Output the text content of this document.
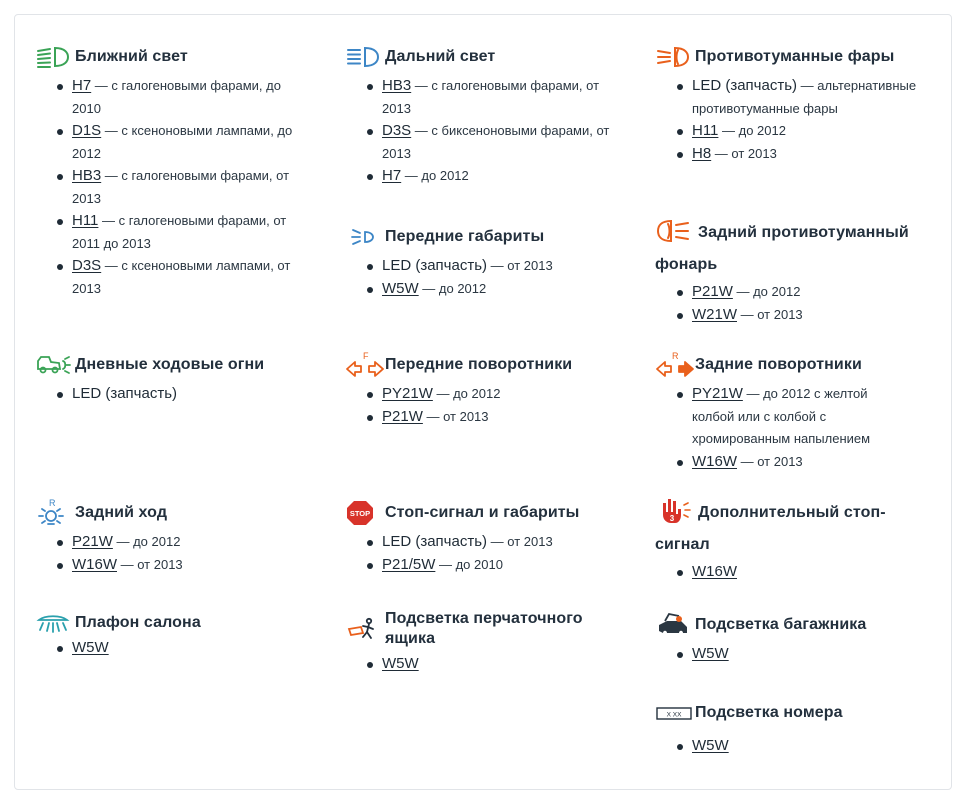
Ближний свет
H7 — с галогеновыми фарами, до 2010
D1S — с ксеноновыми лампами, до 2012
HB3 — с галогеновыми фарами, от 2013
H11 — с галогеновыми фарами, от 2011 до 2013
D3S — с ксеноновыми лампами, от 2013
Дневные ходовые огни
LED (запчасть)
R
Задний ход
P21W — до 2012
W16W — от 2013
Плафон салона
W5W
Дальний свет
HB3 — с галогеновыми фарами, от 2013
D3S — с биксеноновыми фарами, от 2013
H7 — до 2012
Передние габариты
LED (запчасть) — от 2013
W5W — до 2012
F Передние поворотники
PY21W — до 2012
P21W — от 2013
STOP Стоп-сигнал и габариты
LED (запчасть) — от 2013
P21/5W — до 2010
Подсветка перчаточного ящика
W5W
Противотуманные фары
LED (запчасть) — альтернативные противотуманные фары
H11 — до 2012
H8 — от 2013
Задний противотуманный фонарь
P21W — до 2012
W21W — от 2013
R Задние поворотники
PY21W — до 2012 с желтой колбой или с колбой с хромированным напылением
W16W — от 2013
3	Дополнительный стоп-сигнал
W16W
Подсветка багажника
W5W
X XX Подсветка номера
W5W
